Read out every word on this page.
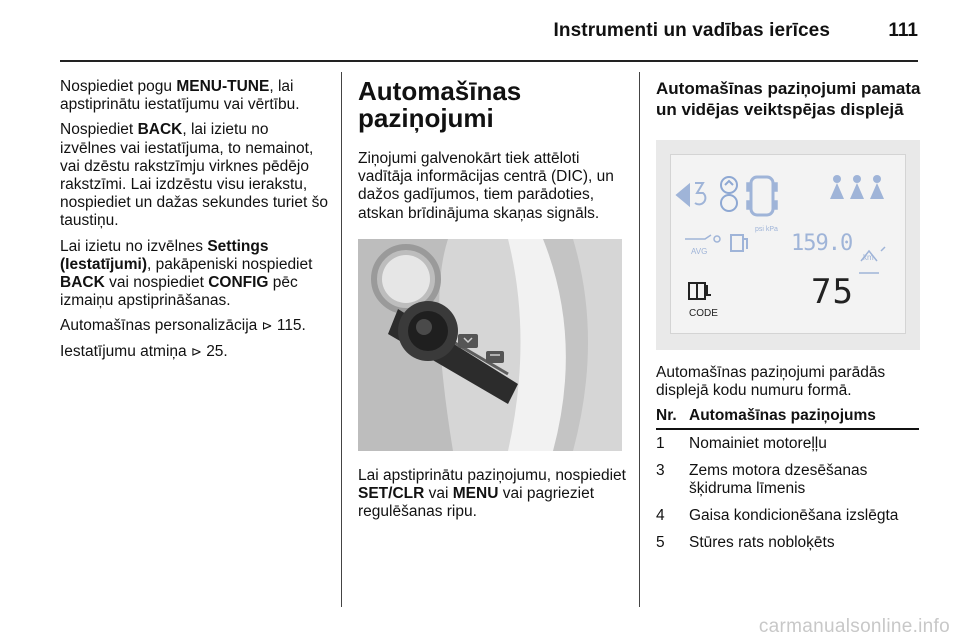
Instrumenti un vadības ierīces	111

Nospiediet pogu MENU-TUNE, lai apstiprinātu iestatījumu vai vērtību.

Nospiediet BACK, lai izietu no izvēlnes vai iestatījuma, to nemainot, vai dzēstu rakstzīmju virknes pēdējo rakstzīmi. Lai izdzēstu visu ierakstu, nospiediet un dažas sekundes turiet šo taustiņu.

Lai izietu no izvēlnes Settings (Iestatījumi), pakāpeniski nospiediet BACK vai nospiediet CONFIG pēc izmaiņu apstiprināšanas.

Automašīnas personalizācija ⊳ 115.

Iestatījumu atmiņa ⊳ 25.

Automašīnas paziņojumi

Ziņojumi galvenokārt tiek attēloti vadītāja informācijas centrā (DIC), un dažos gadījumos, tiem parādoties, atskan brīdinājuma skaņas signāls.

Lai apstiprinātu paziņojumu, nospiediet SET/CLR vai MENU vai pagrieziet regulēšanas ripu.

Automašīnas paziņojumi pamata un vidējas veiktspējas displejā
psi kPa
AVG	159.0
km
CODE
75

Automašīnas paziņojumi parādās displejā kodu numuru formā.

Nr.	Automašīnas paziņojums
1	Nomainiet motoreļļu
3	Zems motora dzesēšanas šķidruma līmenis
4	Gaisa kondicionēšana izslēgta
5	Stūres rats nobloķēts
carmanualsonline.info
